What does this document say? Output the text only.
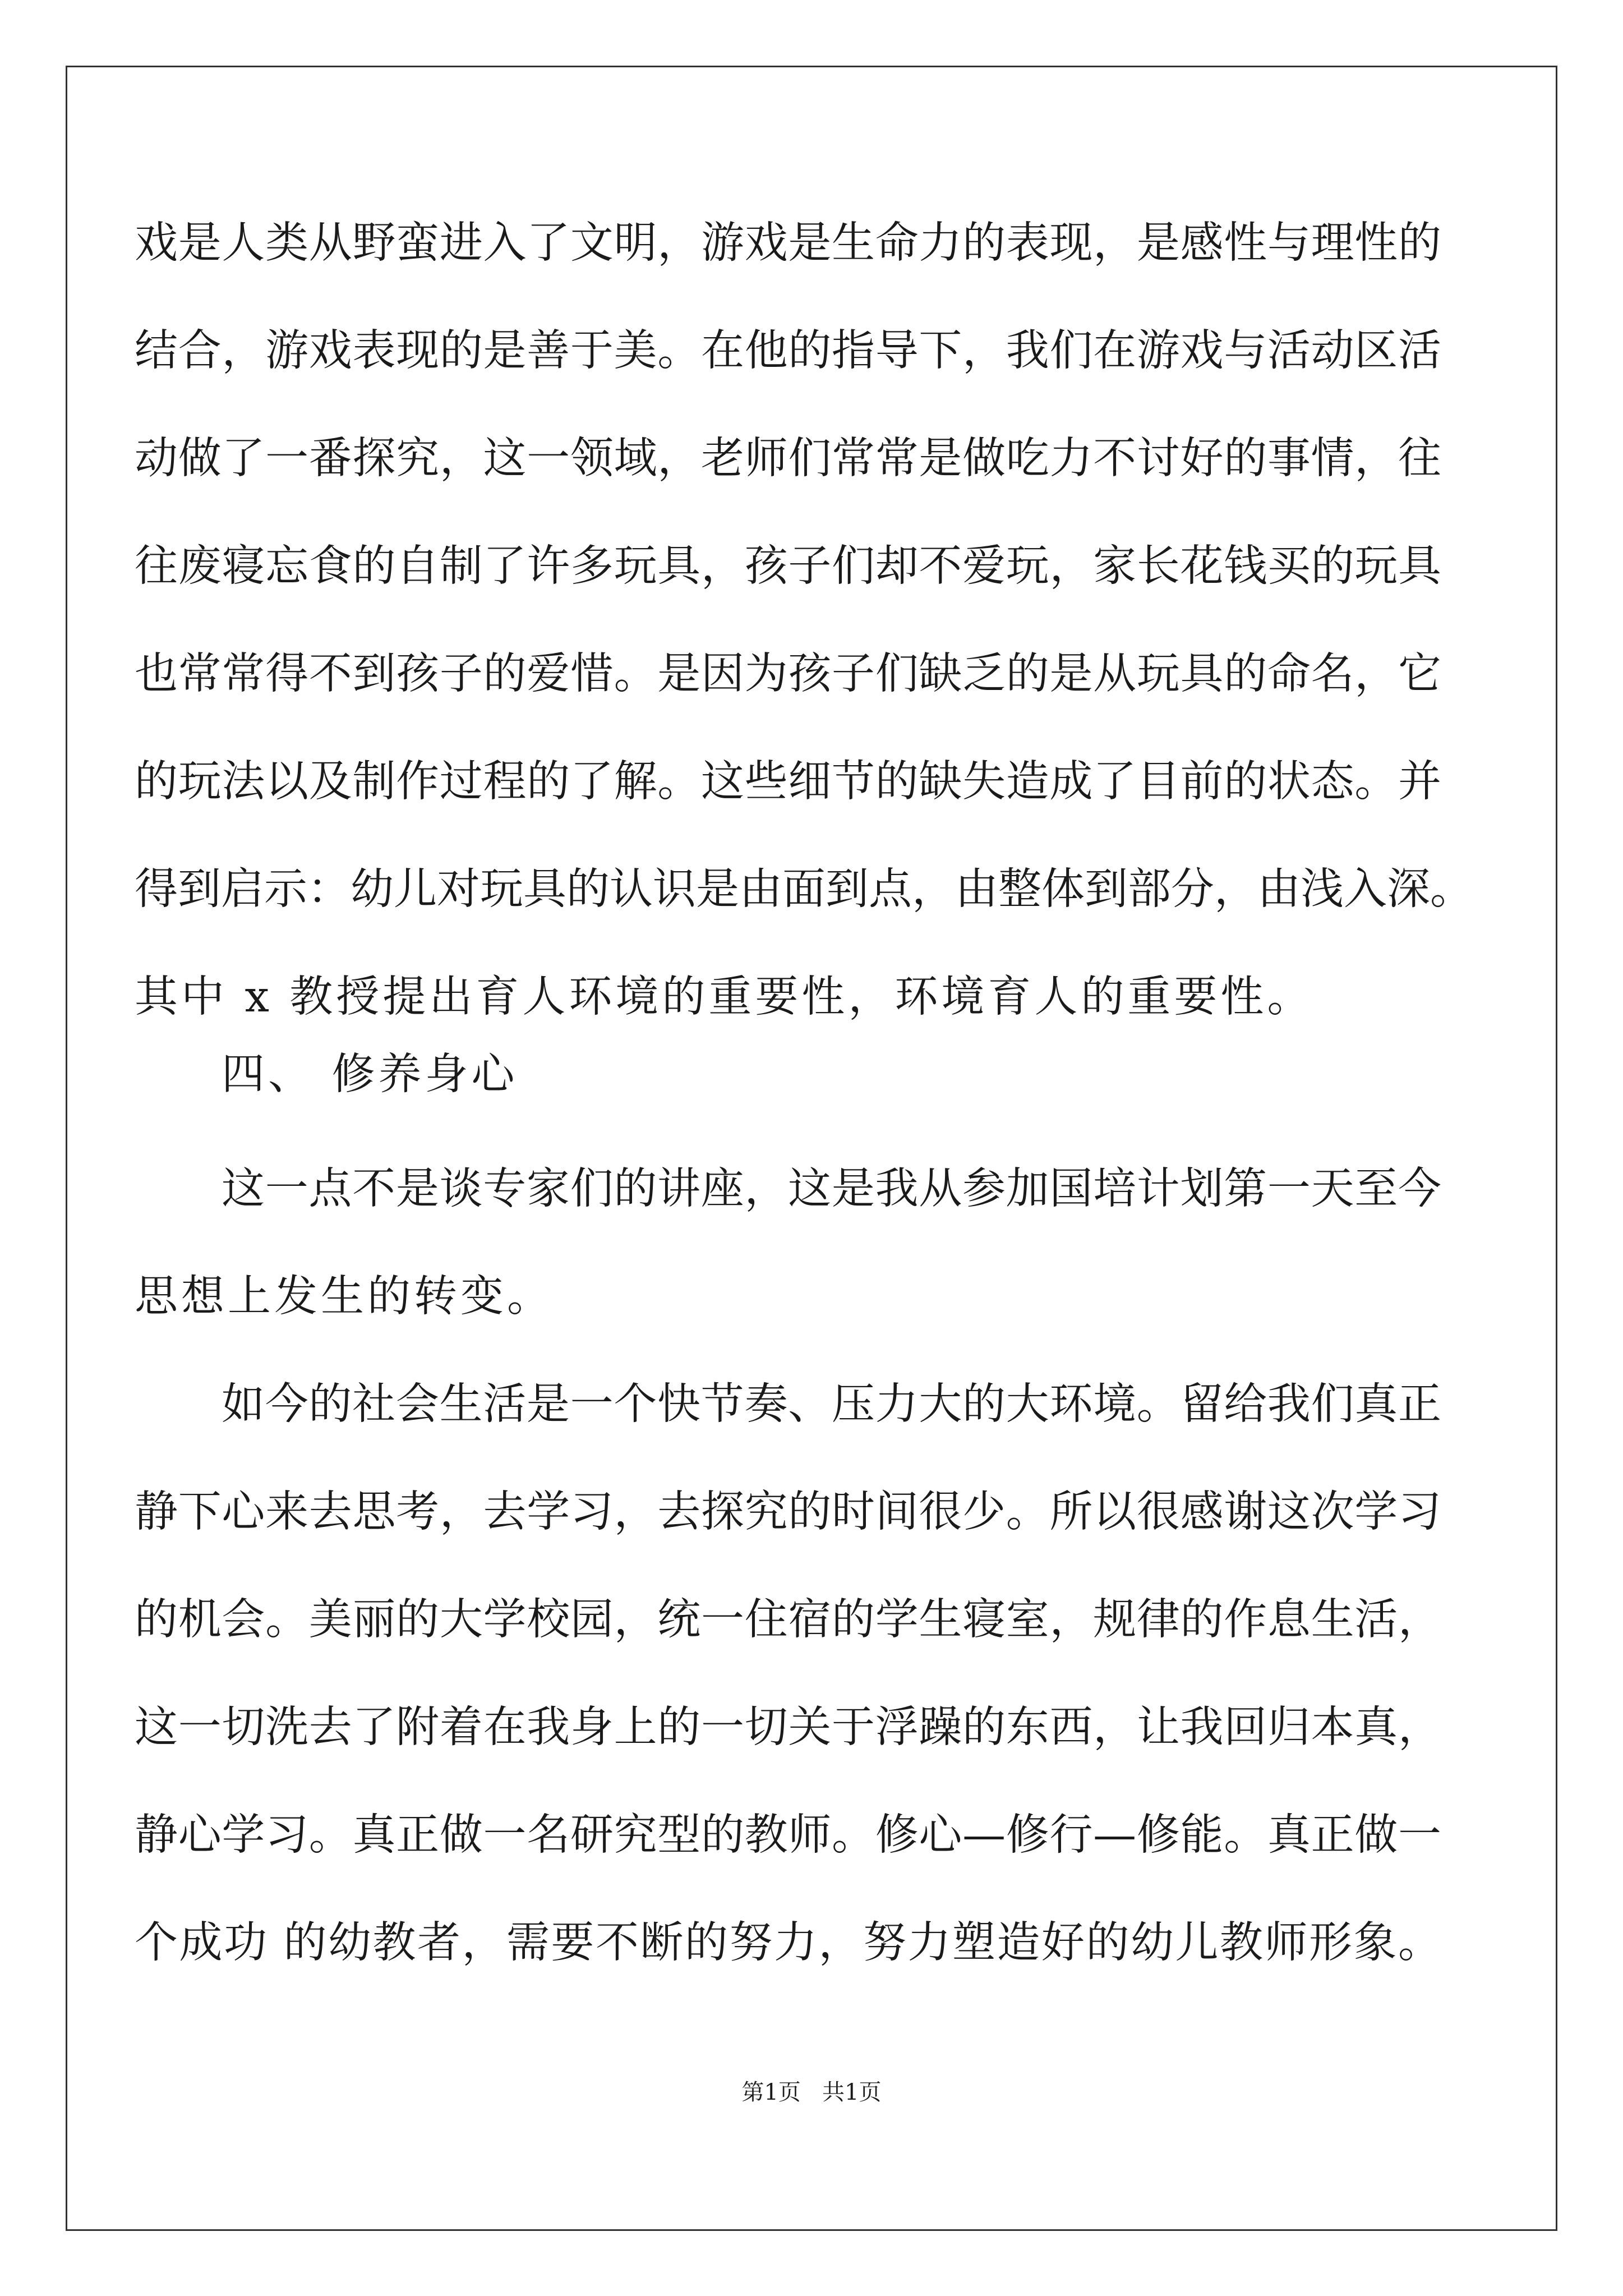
戏是人类从野蛮进入了文明，游戏是生命力的表现，是感性与理性的
结合，游戏表现的是善于美。在他的指导下，我们在游戏与活动区活
动做了一番探究，这一领域，老师们常常是做吃力不讨好的事情，往
往废寝忘食的自制了许多玩具，孩子们却不爱玩，家长花钱买的玩具
也常常得不到孩子的爱惜。是因为孩子们缺乏的是从玩具的命名，它
的玩法以及制作过程的了解。这些细节的缺失造成了目前的状态。并
得到启示：幼儿对玩具的认识是由面到点，由整体到部分，由浅入深。
其中 x 教授提出育人环境的重要性，环境育人的重要性。
四、 修养身心
这一点不是谈专家们的讲座，这是我从参加国培计划第一天至今
思想上发生的转变。
如今的社会生活是一个快节奏、压力大的大环境。留给我们真正
静下心来去思考，去学习，去探究的时间很少。所以很感谢这次学习
的机会。美丽的大学校园，统一住宿的学生寝室，规律的作息生活，
这一切洗去了附着在我身上的一切关于浮躁的东西，让我回归本真，
静心学习。真正做一名研究型的教师。修心—修行—修能。真正做一
个成功 的幼教者，需要不断的努力，努力塑造好的幼儿教师形象。
第1页   共1页
